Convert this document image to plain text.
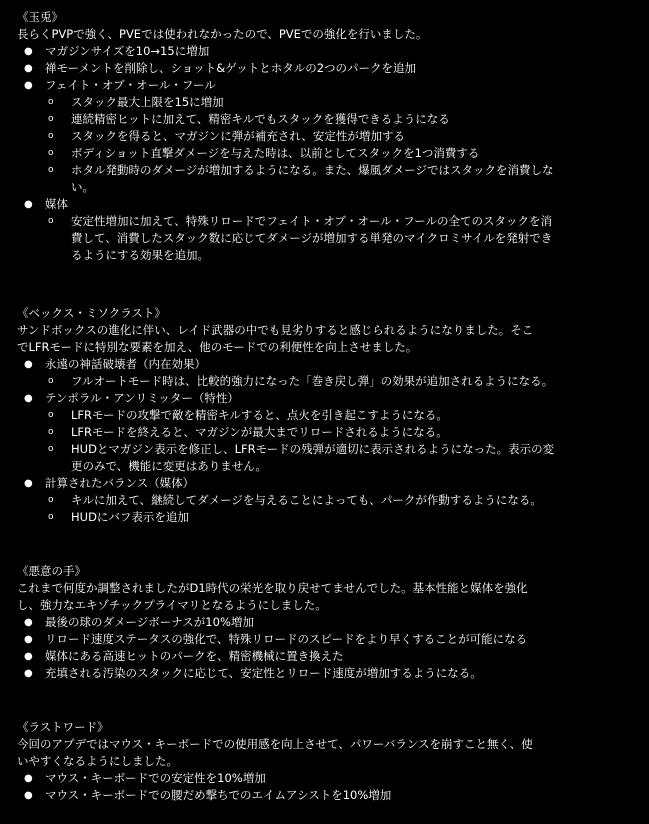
《玉兎》
長らくPVPで強く、PVEでは使われなかったので、PVEでの強化を行いました。
● マガジンサイズを10→15に増加
● 禅モーメントを削除し、ショット&ゲットとホタルの2つのパークを追加
● フェイト・オブ・オール・フール
o スタック最大上限を15に増加
o 連続精密ヒットに加えて、精密キルでもスタックを獲得できるようになる
o スタックを得ると、マガジンに弾が補充され、安定性が増加する
o ボディショット直撃ダメージを与えた時は、以前としてスタックを1つ消費する
o ホタル発動時のダメージが増加するようになる。また、爆風ダメージではスタックを消費しな
い。
● 媒体
o 安定性増加に加えて、特殊リロードでフェイト・オブ・オール・フールの全てのスタックを消
費して、消費したスタック数に応じてダメージが増加する単発のマイクロミサイルを発射でき
るようにする効果を追加。
《ベックス・ミソクラスト》
サンドボックスの進化に伴い、レイド武器の中でも見劣りすると感じられるようになりました。そこ
でLFRモードに特別な要素を加え、他のモードでの利便性を向上させました。
● 永遠の神話破壊者（内在効果）
o フルオートモード時は、比較的強力になった「巻き戻し弾」の効果が追加されるようになる。
● テンポラル・アンリミッター（特性）
o LFRモードの攻撃で敵を精密キルすると、点火を引き起こすようになる。
o LFRモードを終えると、マガジンが最大までリロードされるようになる。
o HUDとマガジン表示を修正し、LFRモードの残弾が適切に表示されるようになった。表示の変
更のみで、機能に変更はありません。
● 計算されたバランス（媒体）
o キルに加えて、継続してダメージを与えることによっても、パークが作動するようになる。
o HUDにバフ表示を追加
《悪意の手》
これまで何度か調整されましたがD1時代の栄光を取り戻せてませんでした。基本性能と媒体を強化
し、強力なエキゾチックプライマリとなるようにしました。
● 最後の球のダメージボーナスが10%増加
● リロード速度ステータスの強化で、特殊リロードのスピードをより早くすることが可能になる
● 媒体にある高速ヒットのパークを、精密機械に置き換えた
● 充填される汚染のスタックに応じて、安定性とリロード速度が増加するようになる。
《ラストワード》
今回のアプデではマウス・キーボードでの使用感を向上させて、パワーバランスを崩すこと無く、使
いやすくなるようにしました。
● マウス・キーボードでの安定性を10%増加
● マウス・キーボードでの腰だめ撃ちでのエイムアシストを10%増加
